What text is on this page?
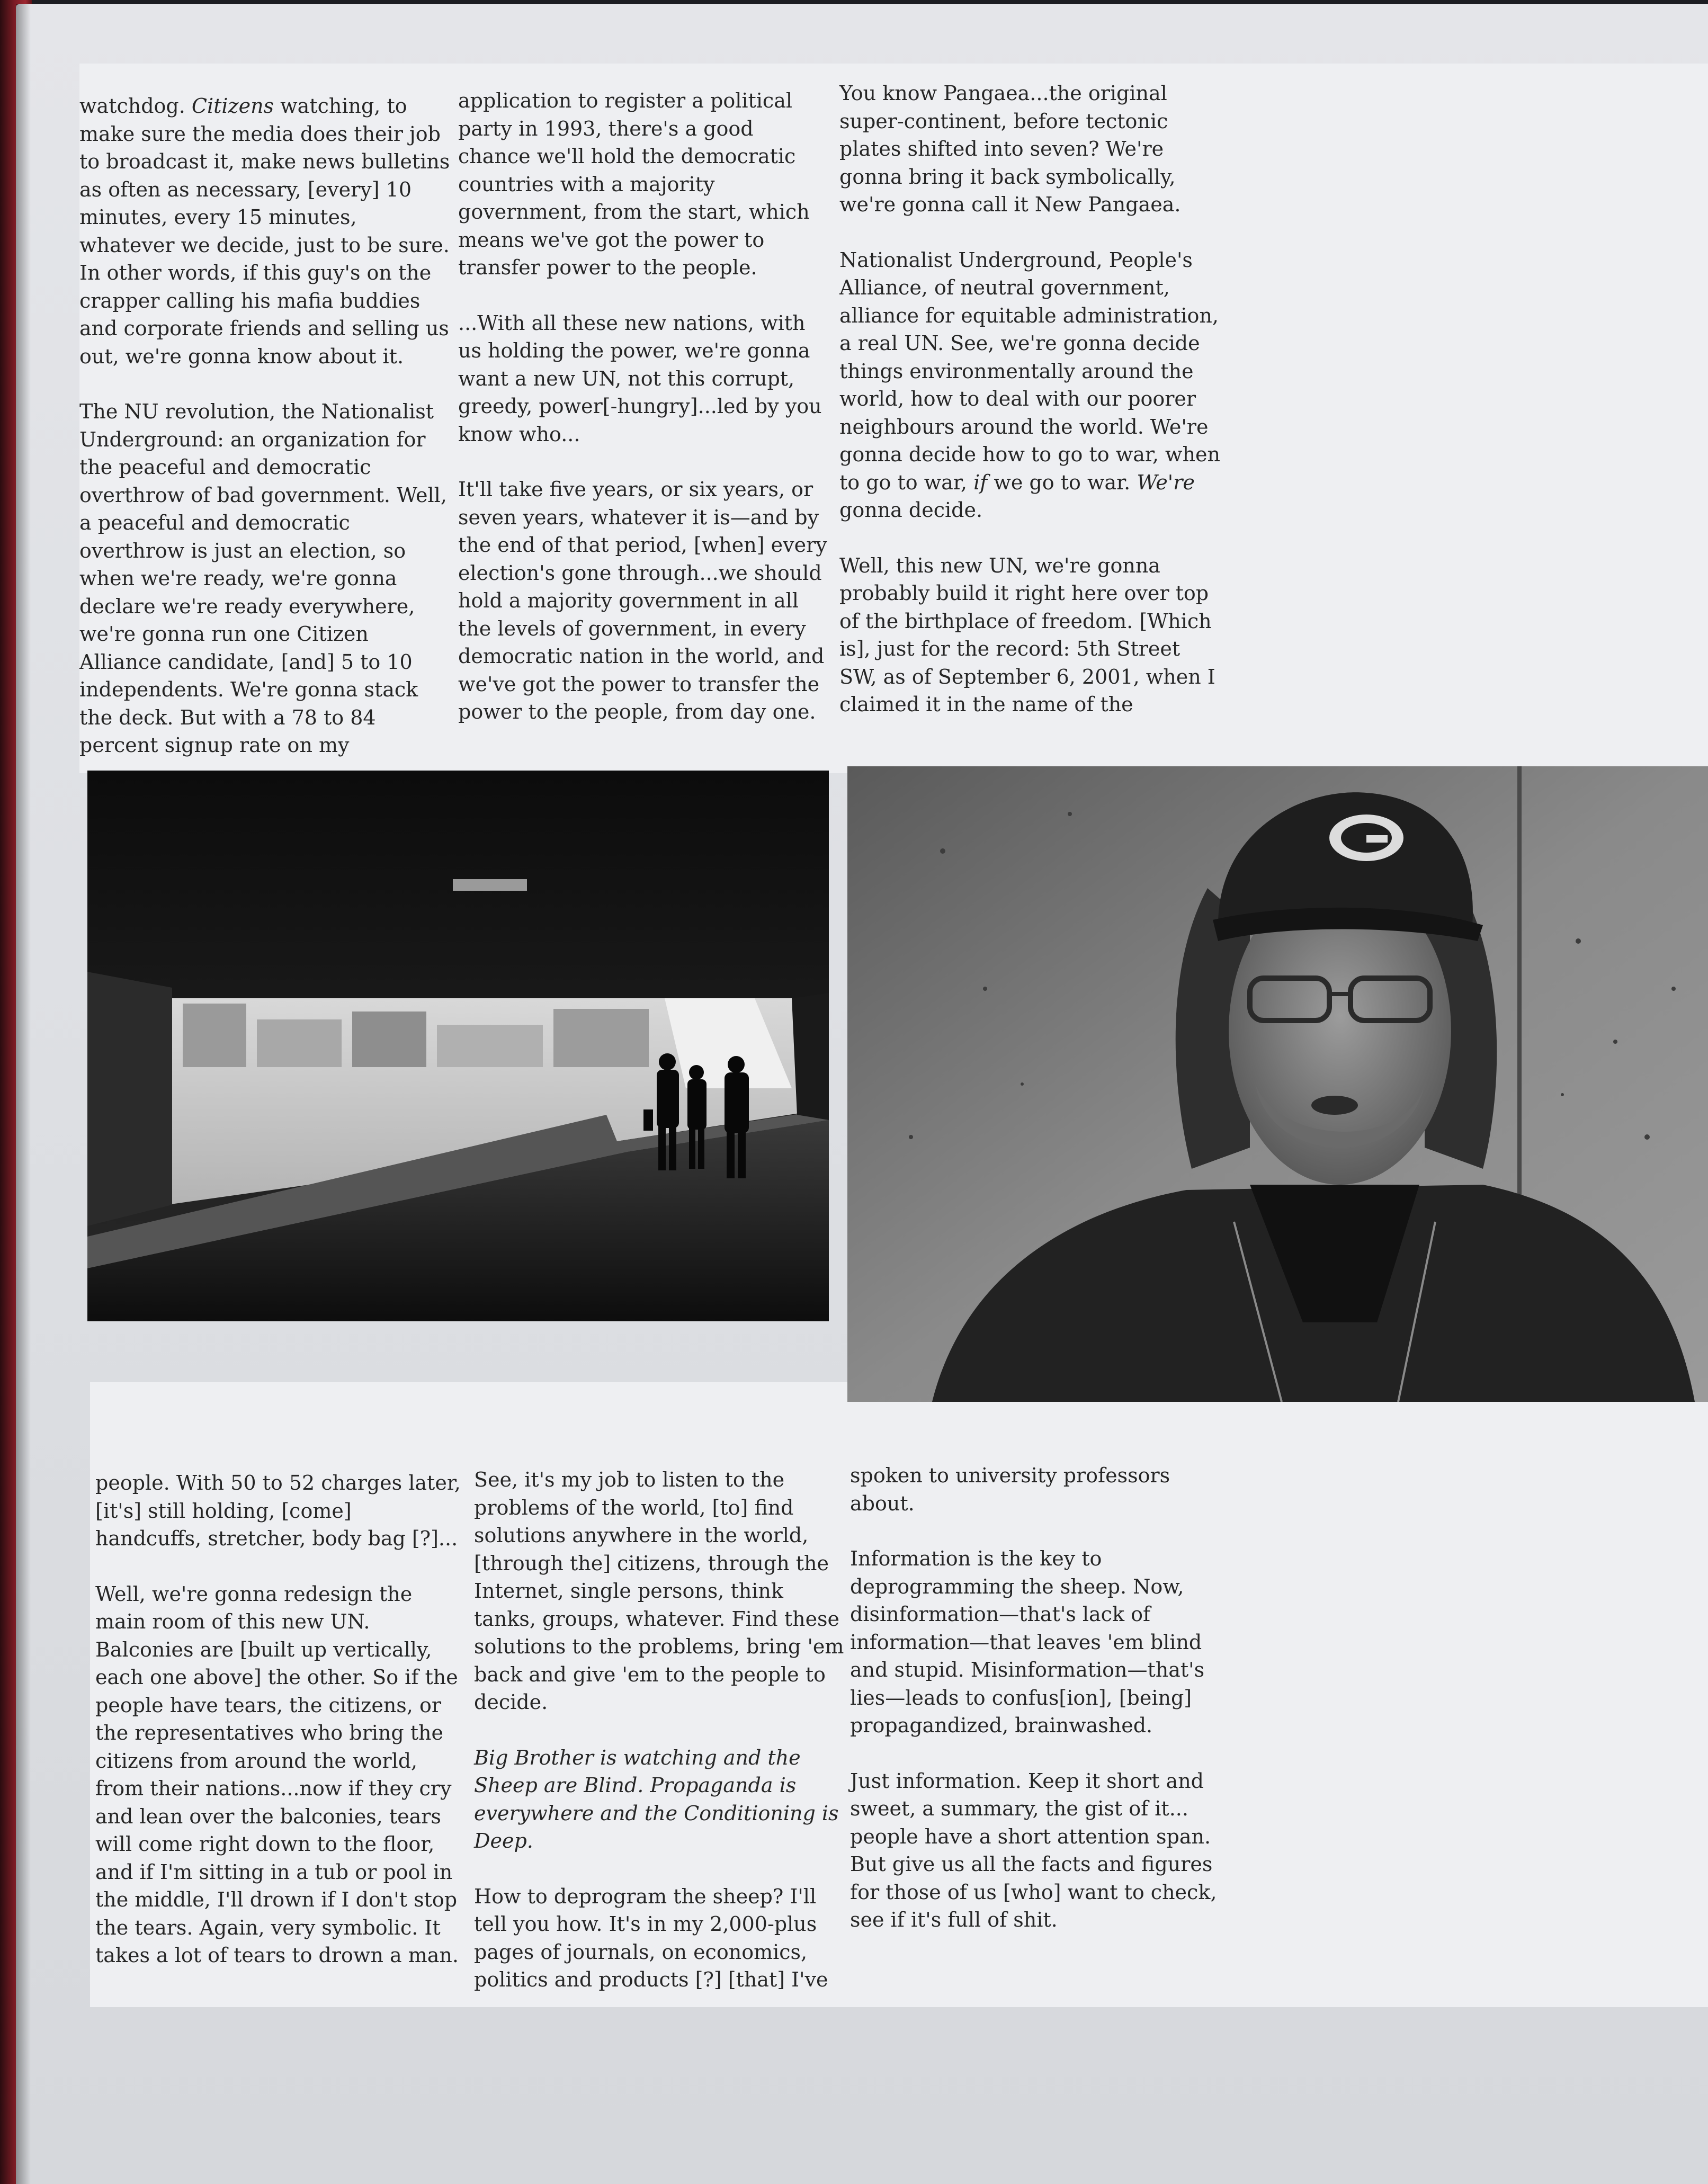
watchdog. Citizens watching, to make sure the media does their job to broadcast it, make news bulletins as often as necessary, [every] 10 minutes, every 15 minutes, whatever we decide, just to be sure. In other words, if this guy's on the crapper calling his mafia buddies and corporate friends and selling us out, we're gonna know about it.

The NU revolution, the Nationalist Underground: an organization for the peaceful and democratic overthrow of bad government. Well, a peaceful and democratic overthrow is just an election, so when we're ready, we're gonna declare we're ready everywhere, we're gonna run one Citizen Alliance candidate, [and] 5 to 10 independents. We're gonna stack the deck. But with a 78 to 84 percent signup rate on my

application to register a political party in 1993, there's a good chance we'll hold the democratic countries with a majority government, from the start, which means we've got the power to transfer power to the people.

...With all these new nations, with us holding the power, we're gonna want a new UN, not this corrupt, greedy, power[-hungry]...led by you know who...

It'll take five years, or six years, or seven years, whatever it is—and by the end of that period, [when] every election's gone through...we should hold a majority government in all the levels of government, in every democratic nation in the world, and we've got the power to transfer the power to the people, from day one.

You know Pangaea...the original super-continent, before tectonic plates shifted into seven? We're gonna bring it back symbolically, we're gonna call it New Pangaea.

Nationalist Underground, People's Alliance, of neutral government, alliance for equitable administration, a real UN. See, we're gonna decide things environmentally around the world, how to deal with our poorer neighbours around the world. We're gonna decide how to go to war, when to go to war, if we go to war. We're gonna decide.

Well, this new UN, we're gonna probably build it right here over top of the birthplace of freedom. [Which is], just for the record: 5th Street SW, as of September 6, 2001, when I claimed it in the name of the

people. With 50 to 52 charges later, [it's] still holding, [come] handcuffs, stretcher, body bag [?]...

Well, we're gonna redesign the main room of this new UN. Balconies are [built up vertically, each one above] the other. So if the people have tears, the citizens, or the representatives who bring the citizens from around the world, from their nations...now if they cry and lean over the balconies, tears will come right down to the floor, and if I'm sitting in a tub or pool in the middle, I'll drown if I don't stop the tears. Again, very symbolic. It takes a lot of tears to drown a man.

See, it's my job to listen to the problems of the world, [to] find solutions anywhere in the world, [through the] citizens, through the Internet, single persons, think tanks, groups, whatever. Find these solutions to the problems, bring 'em back and give 'em to the people to decide.

Big Brother is watching and the Sheep are Blind. Propaganda is everywhere and the Conditioning is Deep.

How to deprogram the sheep? I'll tell you how. It's in my 2,000-plus pages of journals, on economics, politics and products [?] [that] I've

spoken to university professors about.

Information is the key to deprogramming the sheep. Now, disinformation—that's lack of information—that leaves 'em blind and stupid. Misinformation—that's lies—leads to confus[ion], [being] propagandized, brainwashed.

Just information. Keep it short and sweet, a summary, the gist of it... people have a short attention span. But give us all the facts and figures for those of us [who] want to check, see if it's full of shit.
